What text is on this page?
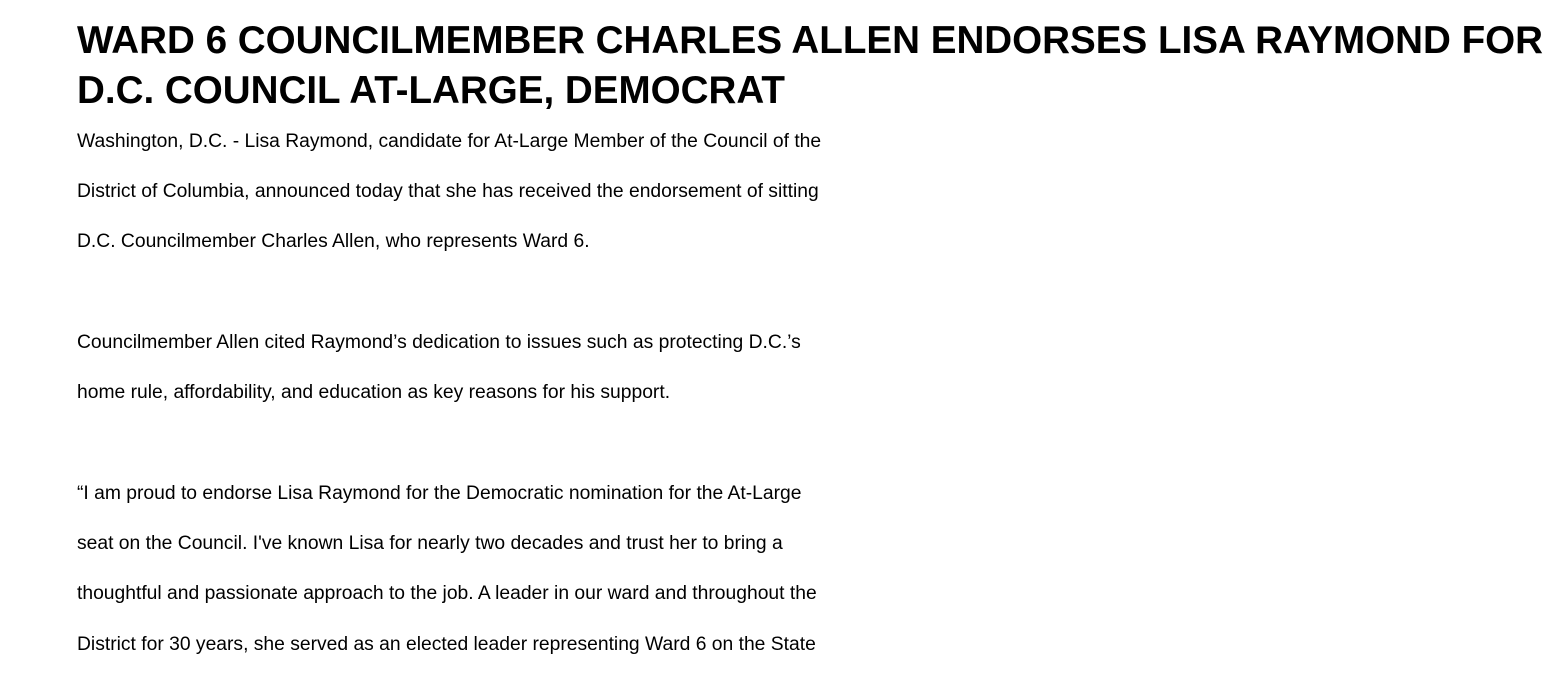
WARD 6 COUNCILMEMBER CHARLES ALLEN ENDORSES LISA RAYMOND FOR
D.C. COUNCIL AT-LARGE, DEMOCRAT

Washington, D.C. - Lisa Raymond, candidate for At-Large Member of the Council of the
District of Columbia, announced today that she has received the endorsement of sitting
D.C. Councilmember Charles Allen, who represents Ward 6.

Councilmember Allen cited Raymond’s dedication to issues such as protecting D.C.’s
home rule, affordability, and education as key reasons for his support.

“I am proud to endorse Lisa Raymond for the Democratic nomination for the At-Large
seat on the Council. I've known Lisa for nearly two decades and trust her to bring a
thoughtful and passionate approach to the job. A leader in our ward and throughout the
District for 30 years, she served as an elected leader representing Ward 6 on the State
